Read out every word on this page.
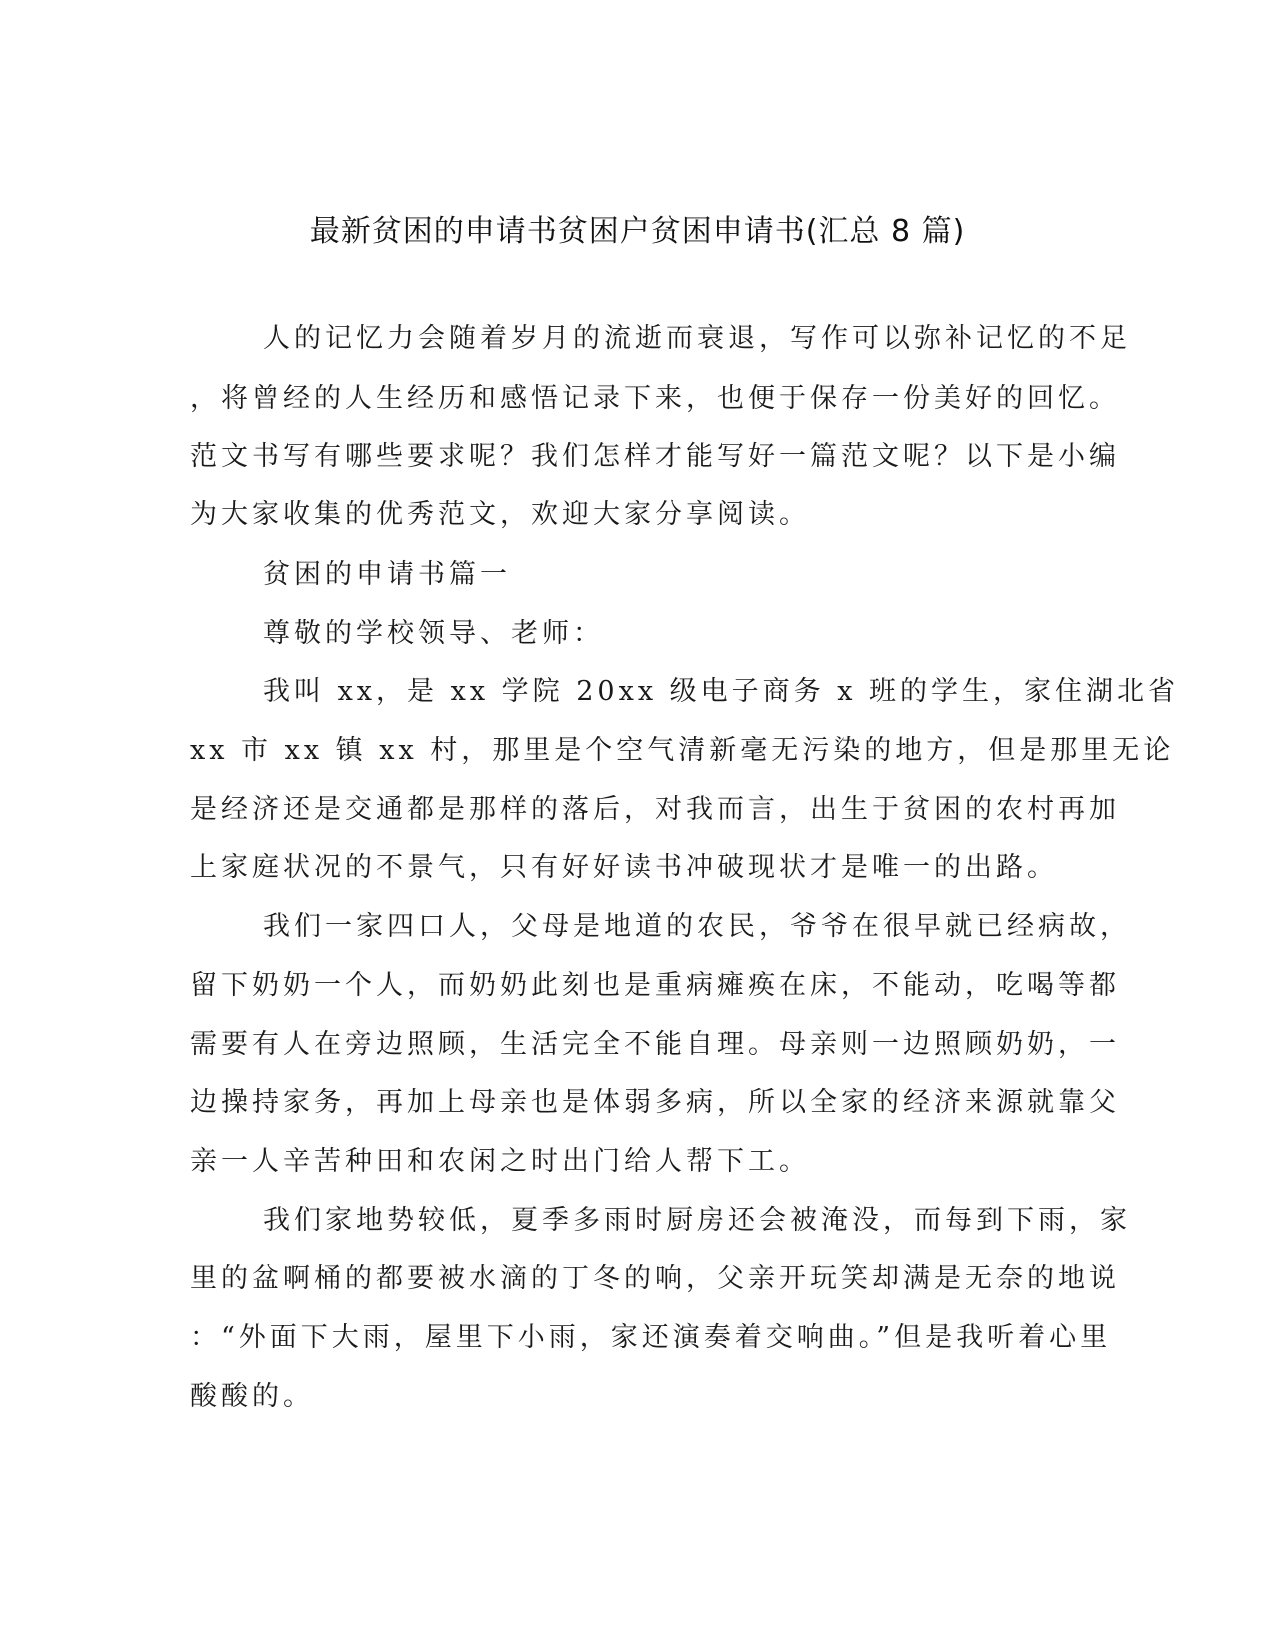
最新贫困的申请书贫困户贫困申请书(汇总 8 篇)
人的记忆力会随着岁月的流逝而衰退，写作可以弥补记忆的不足
，将曾经的人生经历和感悟记录下来，也便于保存一份美好的回忆。
范文书写有哪些要求呢？我们怎样才能写好一篇范文呢？以下是小编
为大家收集的优秀范文，欢迎大家分享阅读。
贫困的申请书篇一
尊敬的学校领导、老师：
我叫 xx，是 xx 学院 20xx 级电子商务 x 班的学生，家住湖北省
xx 市 xx 镇 xx 村，那里是个空气清新毫无污染的地方，但是那里无论
是经济还是交通都是那样的落后，对我而言，出生于贫困的农村再加
上家庭状况的不景气，只有好好读书冲破现状才是唯一的出路。
我们一家四口人，父母是地道的农民，爷爷在很早就已经病故，
留下奶奶一个人，而奶奶此刻也是重病瘫痪在床，不能动，吃喝等都
需要有人在旁边照顾，生活完全不能自理。母亲则一边照顾奶奶，一
边操持家务，再加上母亲也是体弱多病，所以全家的经济来源就靠父
亲一人辛苦种田和农闲之时出门给人帮下工。
我们家地势较低，夏季多雨时厨房还会被淹没，而每到下雨，家
里的盆啊桶的都要被水滴的丁冬的响，父亲开玩笑却满是无奈的地说
：“外面下大雨，屋里下小雨，家还演奏着交响曲。”但是我听着心里
酸酸的。
